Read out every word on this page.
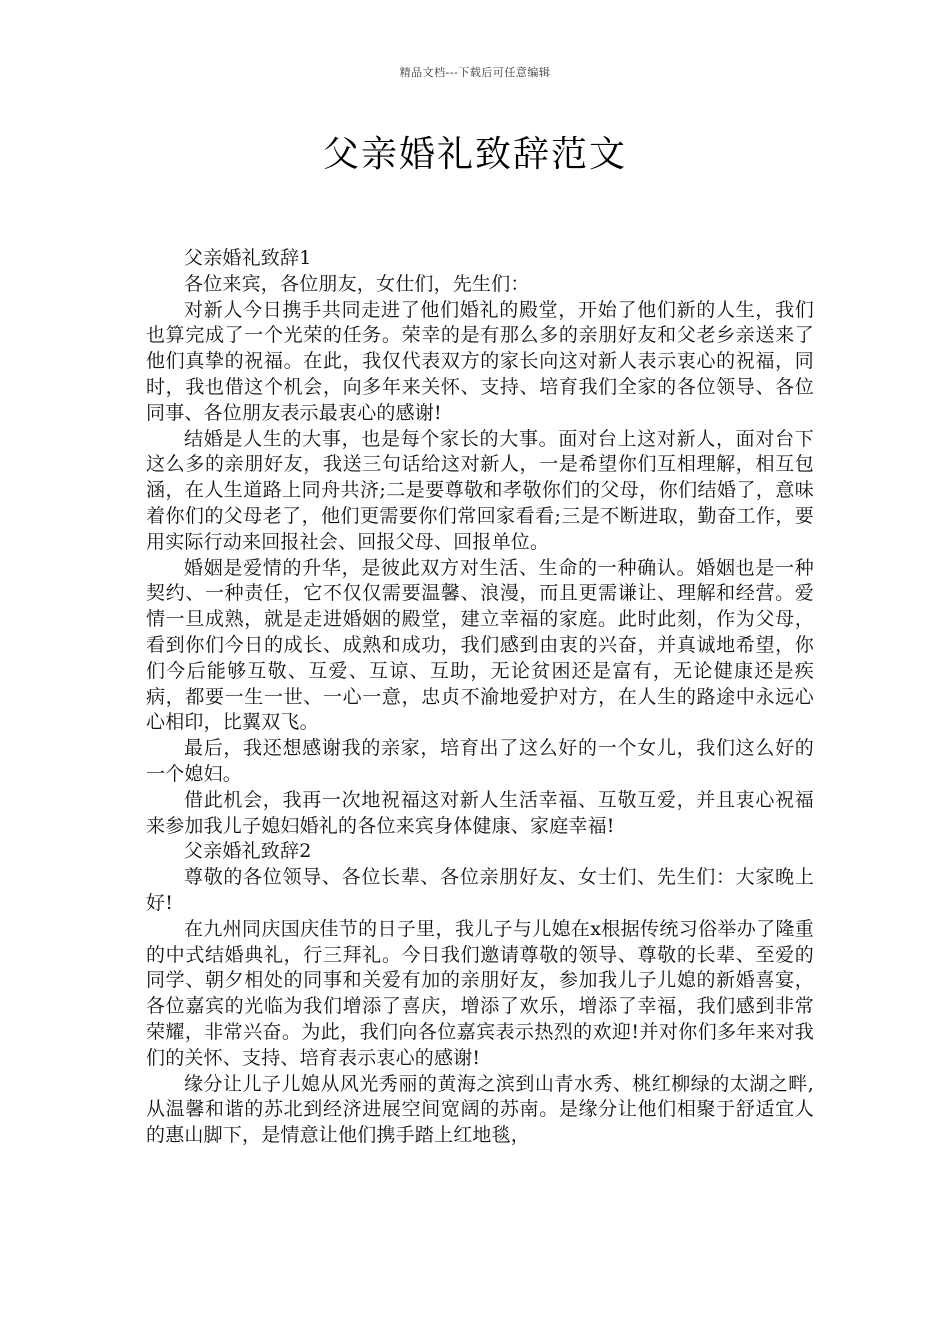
精品文档---下载后可任意编辑
父亲婚礼致辞范文

父亲婚礼致辞1

各位来宾，各位朋友，女仕们，先生们：

对新人今日携手共同走进了他们婚礼的殿堂，开始了他们新的人生，我们也算完成了一个光荣的任务。荣幸的是有那么多的亲朋好友和父老乡亲送来了他们真挚的祝福。在此，我仅代表双方的家长向这对新人表示衷心的祝福，同时，我也借这个机会，向多年来关怀、支持、培育我们全家的各位领导、各位同事、各位朋友表示最衷心的感谢!

结婚是人生的大事，也是每个家长的大事。面对台上这对新人，面对台下这么多的亲朋好友，我送三句话给这对新人，一是希望你们互相理解，相互包涵，在人生道路上同舟共济;二是要尊敬和孝敬你们的父母，你们结婚了，意味着你们的父母老了，他们更需要你们常回家看看;三是不断进取，勤奋工作，要用实际行动来回报社会、回报父母、回报单位。

婚姻是爱情的升华，是彼此双方对生活、生命的一种确认。婚姻也是一种契约、一种责任，它不仅仅需要温馨、浪漫，而且更需谦让、理解和经营。爱情一旦成熟，就是走进婚姻的殿堂，建立幸福的家庭。此时此刻，作为父母，看到你们今日的成长、成熟和成功，我们感到由衷的兴奋，并真诚地希望，你们今后能够互敬、互爱、互谅、互助，无论贫困还是富有，无论健康还是疾病，都要一生一世、一心一意，忠贞不渝地爱护对方，在人生的路途中永远心心相印，比翼双飞。

最后，我还想感谢我的亲家，培育出了这么好的一个女儿，我们这么好的一个媳妇。

借此机会，我再一次地祝福这对新人生活幸福、互敬互爱，并且衷心祝福来参加我儿子媳妇婚礼的各位来宾身体健康、家庭幸福!

父亲婚礼致辞2

尊敬的各位领导、各位长辈、各位亲朋好友、女士们、先生们：大家晚上好!

在九州同庆国庆佳节的日子里，我儿子与儿媳在x根据传统习俗举办了隆重的中式结婚典礼，行三拜礼。今日我们邀请尊敬的领导、尊敬的长辈、至爱的同学、朝夕相处的同事和关爱有加的亲朋好友，参加我儿子儿媳的新婚喜宴，各位嘉宾的光临为我们增添了喜庆，增添了欢乐，增添了幸福，我们感到非常荣耀，非常兴奋。为此，我们向各位嘉宾表示热烈的欢迎!并对你们多年来对我们的关怀、支持、培育表示衷心的感谢!

缘分让儿子儿媳从风光秀丽的黄海之滨到山青水秀、桃红柳绿的太湖之畔,从温馨和谐的苏北到经济进展空间宽阔的苏南。是缘分让他们相聚于舒适宜人的惠山脚下，是情意让他们携手踏上红地毯，
